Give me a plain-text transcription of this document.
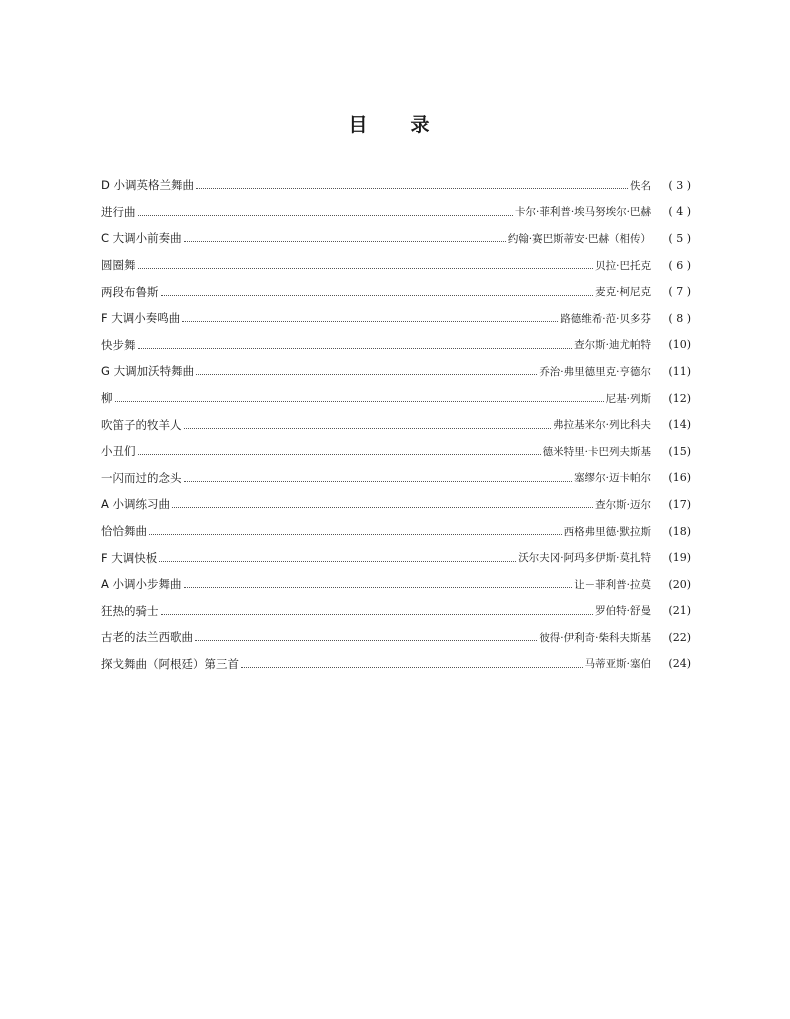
目　录
D 小调英格兰舞曲	佚名	( 3 )
进行曲	卡尔·菲利普·埃马努埃尔·巴赫	( 4 )
C 大调小前奏曲	约翰·赛巴斯蒂安·巴赫（相传）	( 5 )
圆圈舞	贝拉·巴托克	( 6 )
两段布鲁斯	麦克·柯尼克	( 7 )
F 大调小奏鸣曲	路德维希·范·贝多芬	( 8 )
快步舞	查尔斯·迪尤帕特	(10)
G 大调加沃特舞曲	乔治·弗里德里克·亨德尔	(11)
柳	尼基·列斯	(12)
吹笛子的牧羊人	弗拉基米尔·列比科夫	(14)
小丑们	德米特里·卡巴列夫斯基	(15)
一闪而过的念头	塞缪尔·迈卡帕尔	(16)
A 小调练习曲	查尔斯·迈尔	(17)
恰恰舞曲	西格弗里德·默拉斯	(18)
F 大调快板	沃尔夫冈·阿玛多伊斯·莫扎特	(19)
A 小调小步舞曲	让－菲利普·拉莫	(20)
狂热的骑士	罗伯特·舒曼	(21)
古老的法兰西歌曲	彼得·伊利奇·柴科夫斯基	(22)
探戈舞曲（阿根廷）第三首	马蒂亚斯·塞伯	(24)
